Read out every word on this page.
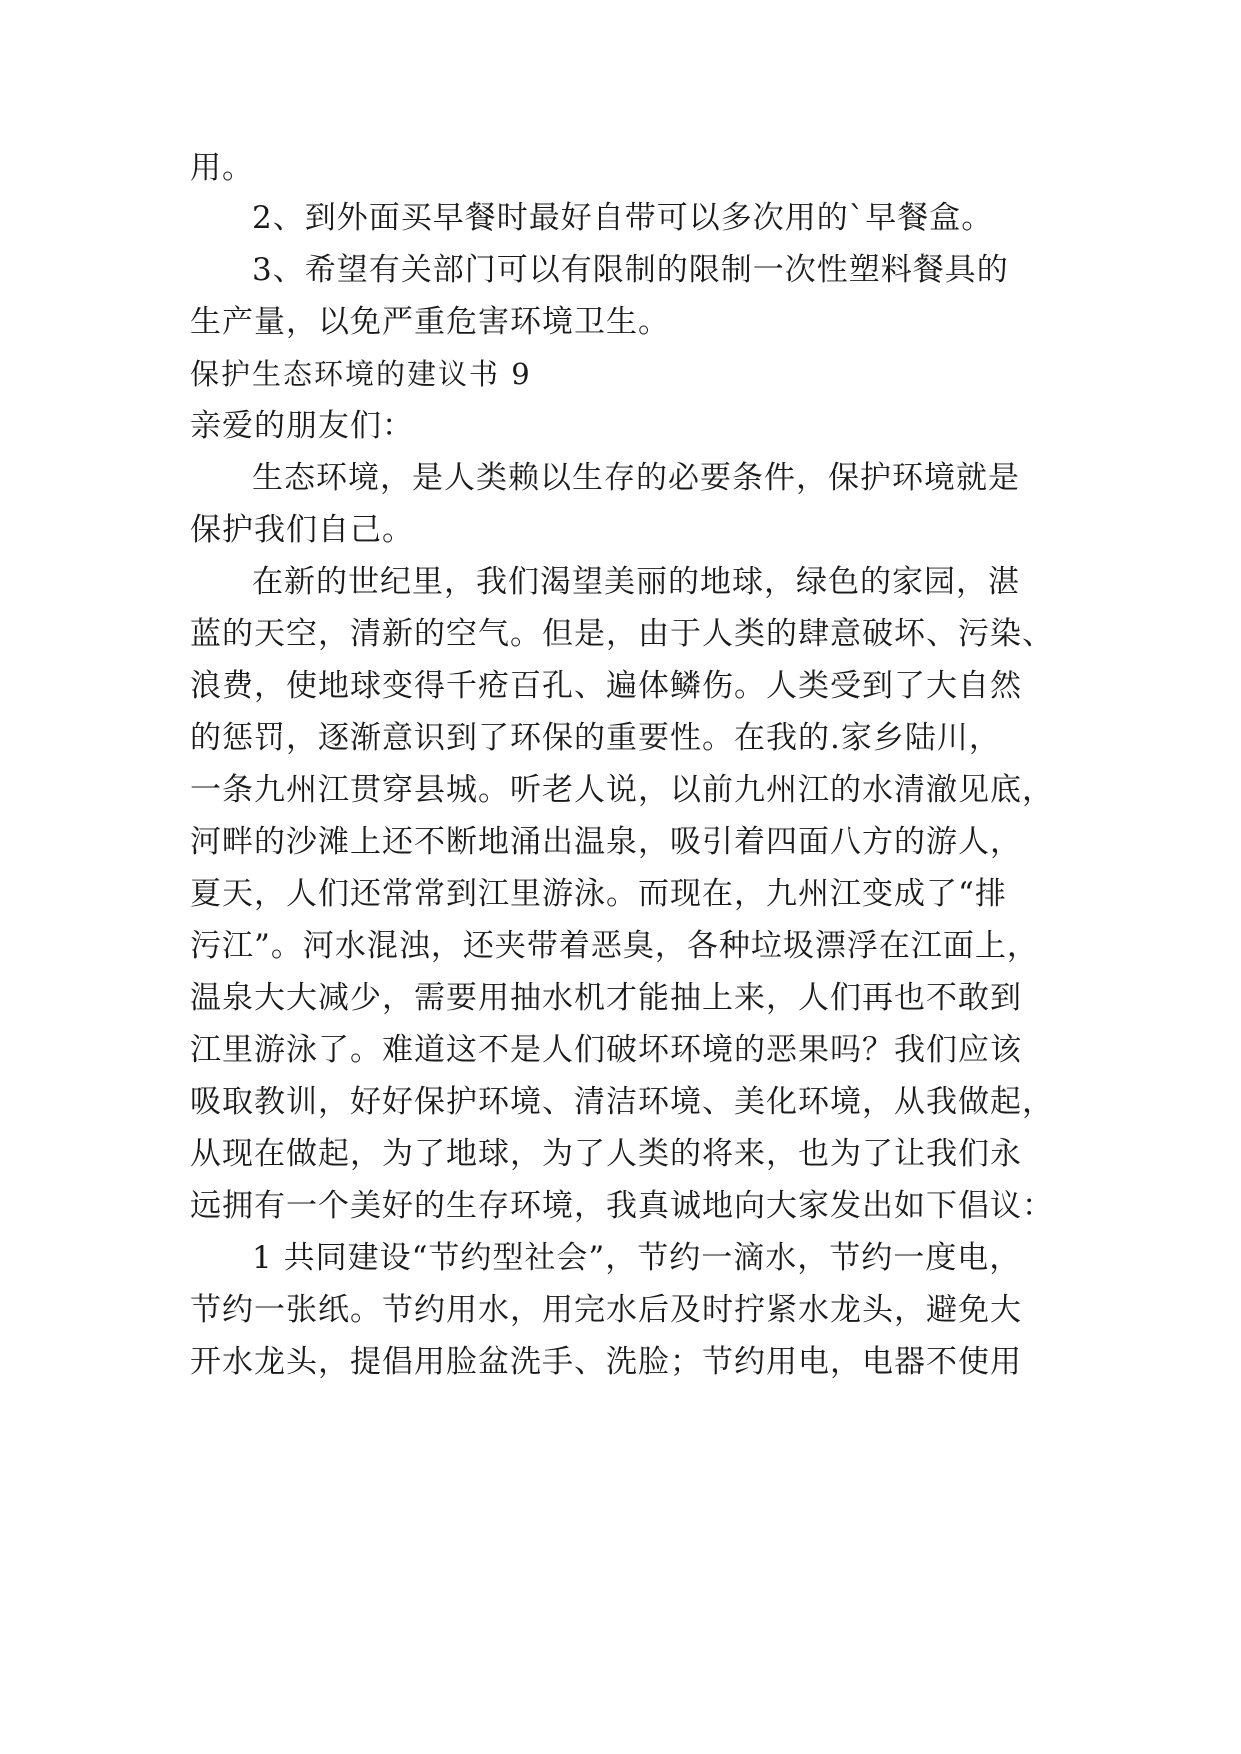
用。
2、到外面买早餐时最好自带可以多次用的`早餐盒。
3、希望有关部门可以有限制的限制一次性塑料餐具的
生产量，以免严重危害环境卫生。
保护生态环境的建议书 9
亲爱的朋友们：
生态环境，是人类赖以生存的必要条件，保护环境就是
保护我们自己。
在新的世纪里，我们渴望美丽的地球，绿色的家园，湛
蓝的天空，清新的空气。但是，由于人类的肆意破坏、污染、
浪费，使地球变得千疮百孔、遍体鳞伤。人类受到了大自然
的惩罚，逐渐意识到了环保的重要性。在我的.家乡陆川，
一条九州江贯穿县城。听老人说，以前九州江的水清澈见底，
河畔的沙滩上还不断地涌出温泉，吸引着四面八方的游人，
夏天，人们还常常到江里游泳。而现在，九州江变成了“排
污江”。河水混浊，还夹带着恶臭，各种垃圾漂浮在江面上，
温泉大大减少，需要用抽水机才能抽上来，人们再也不敢到
江里游泳了。难道这不是人们破坏环境的恶果吗？我们应该
吸取教训，好好保护环境、清洁环境、美化环境，从我做起，
从现在做起，为了地球，为了人类的将来，也为了让我们永
远拥有一个美好的生存环境，我真诚地向大家发出如下倡议：
1 共同建设“节约型社会”，节约一滴水，节约一度电，
节约一张纸。节约用水，用完水后及时拧紧水龙头，避免大
开水龙头，提倡用脸盆洗手、洗脸；节约用电，电器不使用
